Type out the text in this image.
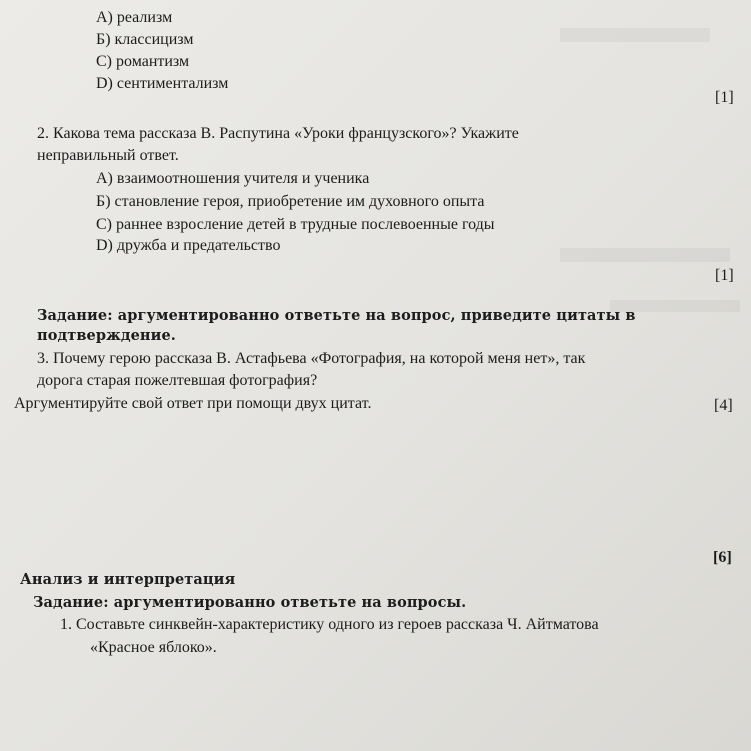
A) реализм
Б) классицизм
C) романтизм
D) сентиментализм
[1]
2. Какова тема рассказа В. Распутина «Уроки французского»? Укажите
неправильный ответ.
A) взаимоотношения учителя и ученика
Б) становление героя, приобретение им духовного опыта
C) раннее взросление детей в трудные послевоенные годы
D) дружба и предательство
[1]
Задание: аргументированно ответьте на вопрос, приведите цитаты в
подтверждение.
3. Почему герою рассказа В. Астафьева «Фотография, на которой меня нет», так
дорога старая пожелтевшая фотография?
Аргументируйте свой ответ при помощи двух цитат.	[4]
[6]
Анализ и интерпретация
Задание: аргументированно ответьте на вопросы.
1. Составьте синквейн-характеристику одного из героев рассказа Ч. Айтматова
«Красное яблоко».
